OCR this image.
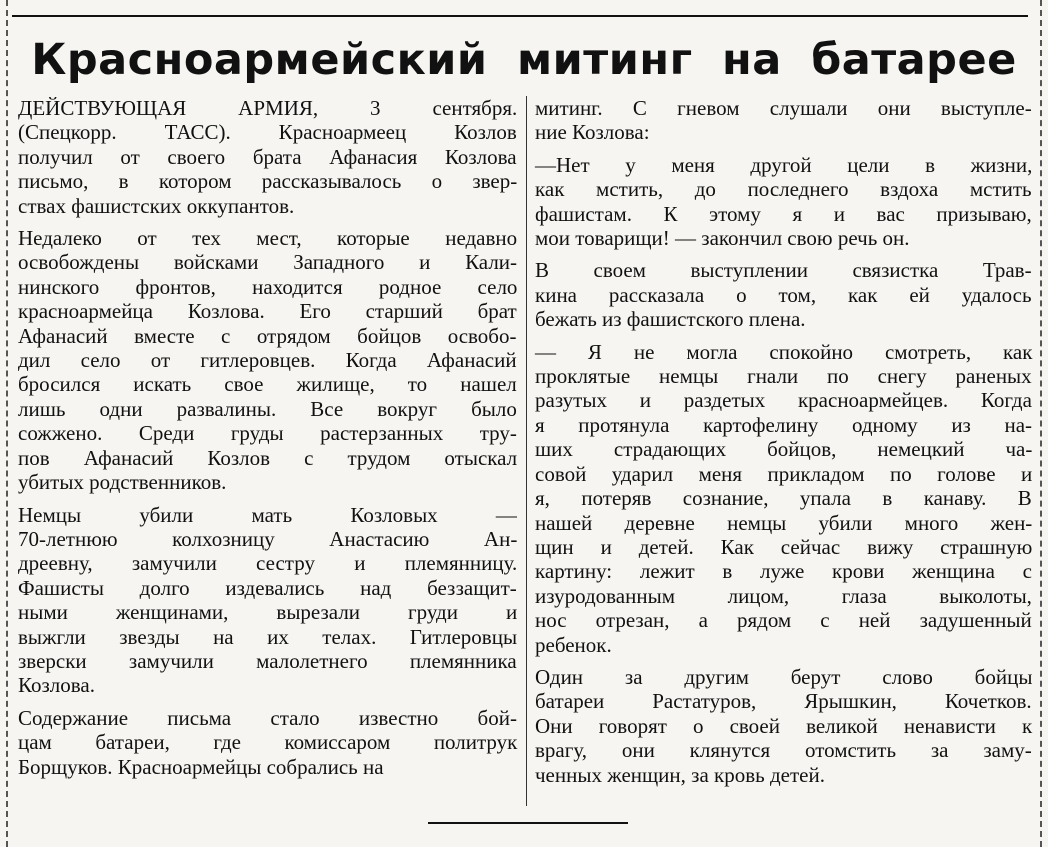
Красноармейский митинг на батарее
ДЕЙСТВУЮЩАЯ АРМИЯ, 3 сентября.
(Спецкорр. ТАСС). Красноармеец Козлов
получил от своего брата Афанасия Козлова
письмо, в котором рассказывалось о звер-
ствах фашистских оккупантов.
Недалеко от тех мест, которые недавно
освобождены войсками Западного и Кали-
нинского фронтов, находится родное село
красноармейца Козлова. Его старший брат
Афанасий вместе с отрядом бойцов освобо-
дил село от гитлеровцев. Когда Афанасий
бросился искать свое жилище, то нашел
лишь одни развалины. Все вокруг было
сожжено. Среди груды растерзанных тру-
пов Афанасий Козлов с трудом отыскал
убитых родственников.
Немцы убили мать Козловых —
70-летнюю колхозницу Анастасию Ан-
дреевну, замучили сестру и племянницу.
Фашисты долго издевались над беззащит-
ными женщинами, вырезали груди и
выжгли звезды на их телах. Гитлеровцы
зверски замучили малолетнего племянника
Козлова.
Содержание письма стало известно бой-
цам батареи, где комиссаром политрук
Борщуков. Красноармейцы собрались на
митинг. С гневом слушали они выступле-
ние Козлова:
—Нет у меня другой цели в жизни,
как мстить, до последнего вздоха мстить
фашистам. К этому я и вас призываю,
мои товарищи! — закончил свою речь он.
В своем выступлении связистка Трав-
кина рассказала о том, как ей удалось
бежать из фашистского плена.
— Я не могла спокойно смотреть, как
проклятые немцы гнали по снегу раненых
разутых и раздетых красноармейцев. Когда
я протянула картофелину одному из на-
ших страдающих бойцов, немецкий ча-
совой ударил меня прикладом по голове и
я, потеряв сознание, упала в канаву. В
нашей деревне немцы убили много жен-
щин и детей. Как сейчас вижу страшную
картину: лежит в луже крови женщина с
изуродованным лицом, глаза выколоты,
нос отрезан, а рядом с ней задушенный
ребенок.
Один за другим берут слово бойцы
батареи Растатуров, Ярышкин, Кочетков.
Они говорят о своей великой ненависти к
врагу, они клянутся отомстить за заму-
ченных женщин, за кровь детей.
